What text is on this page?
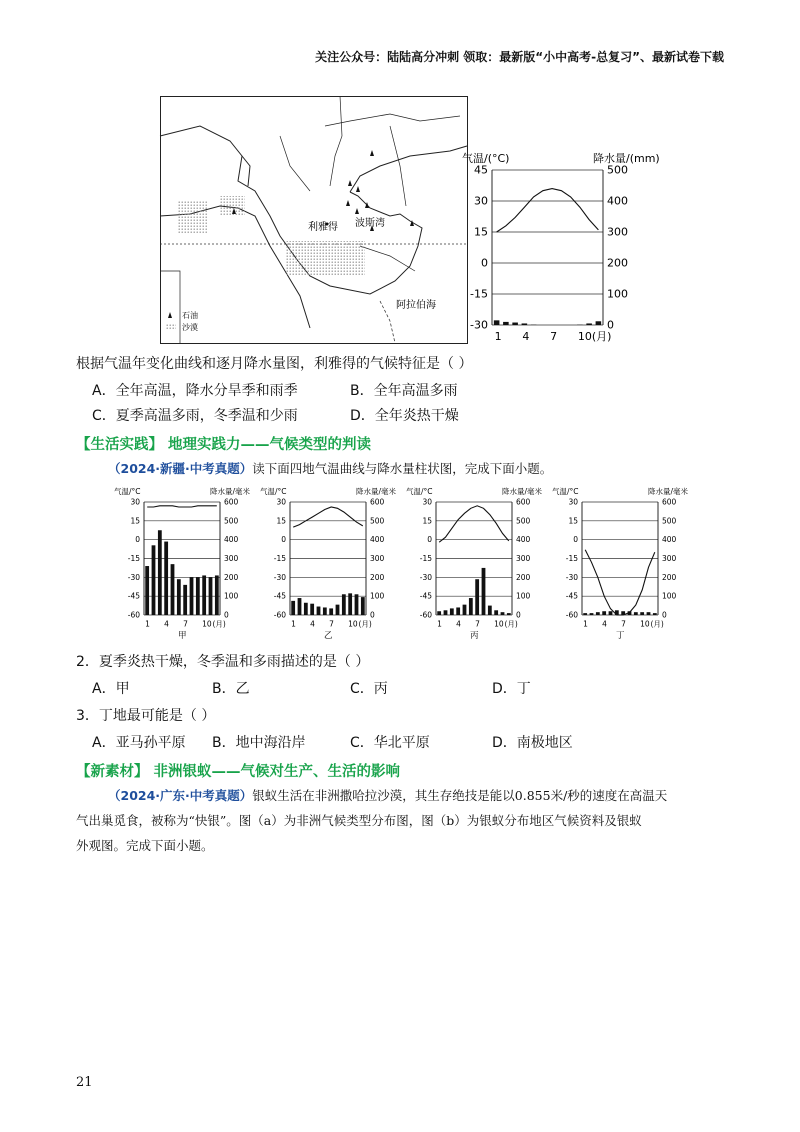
关注公众号：陆陆高分冲刺 领取：最新版“小中高考-总复习”、最新试卷下载
利雅得 波斯湾
阿拉伯海
石油
沙漠
气温/(°C)	降水量/(mm)
45	500
30	400
15	300
0	200
-15	100
-30	0
1 4 7 10(月)
根据气温年变化曲线和逐月降水量图，利雅得的气候特征是（ ）
A．全年高温，降水分旱季和雨季	B．全年高温多雨
C．夏季高温多雨，冬季温和少雨	D．全年炎热干燥
【生活实践】 地理实践力——气候类型的判读
（2024·新疆·中考真题）读下面四地气温曲线与降水量柱状图，完成下面小题。
气温/°C	降水量/毫米
30	600
15	500
0	400
-15	300
-30	200
-45	100
-60	0
1 4 7 10 (月)
甲
气温/°C	降水量/毫米
30	600
15	500
0	400
-15	300
-30	200
-45	100
-60	0
1 4 7 10 (月)
乙
气温/°C	降水量/毫米
30	600
15	500
0	400
-15	300
-30	200
-45	100
-60	0
1 4 7 10 (月)
丙
气温/°C	降水量/毫米
30	600
15	500
0	400
-15	300
-30	200
-45	100
-60	0
1 4 7 10 (月)
丁
2．夏季炎热干燥，冬季温和多雨描述的是（ ）
A．甲	B．乙	C．丙	D．丁
3．丁地最可能是（ ）
A．亚马孙平原 B．地中海沿岸	C．华北平原	D．南极地区
【新素材】 非洲银蚁——气候对生产、生活的影响
（2024·广东·中考真题）银蚁生活在非洲撒哈拉沙漠，其生存绝技是能以0.855米/秒的速度在高温天
气出巢觅食，被称为“快银”。图（a）为非洲气候类型分布图，图（b）为银蚁分布地区气候资料及银蚁
外观图。完成下面小题。
21
